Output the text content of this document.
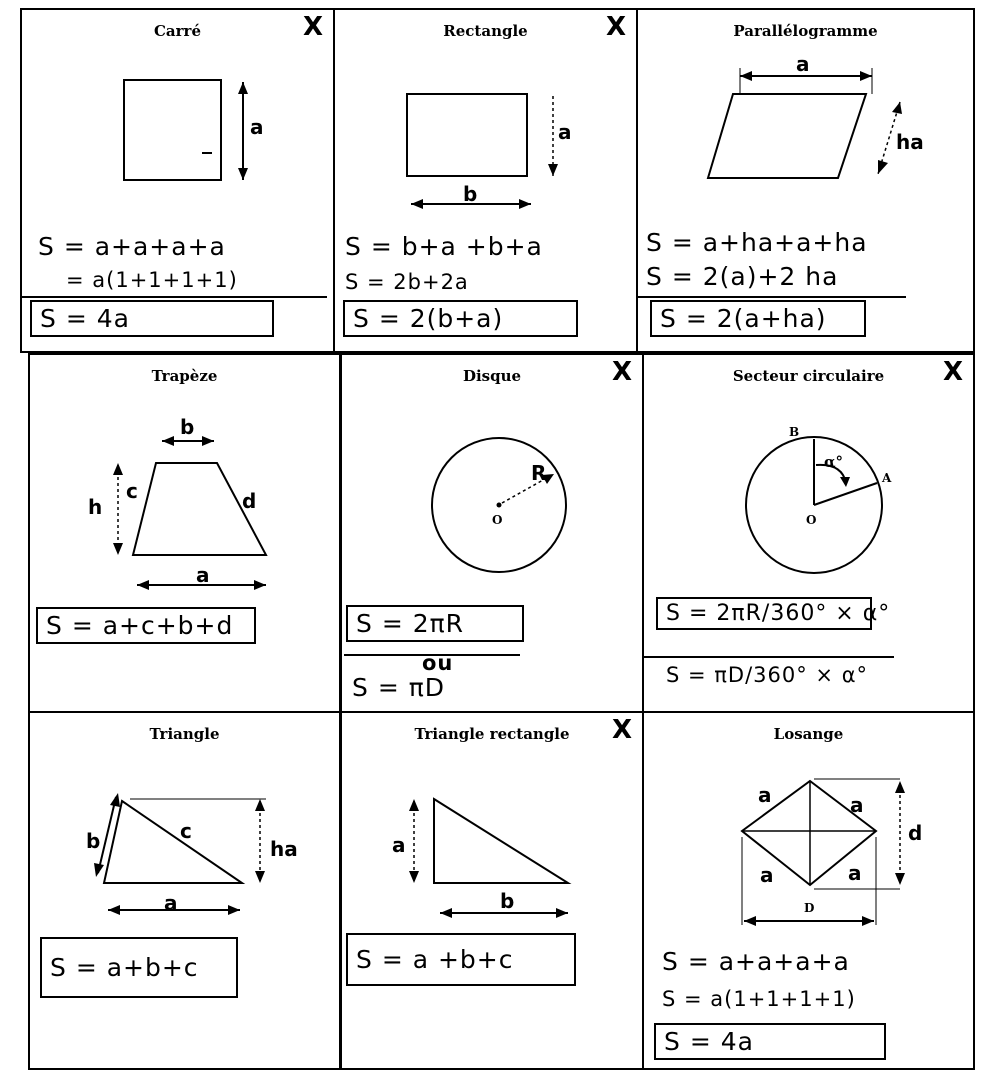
Carré	X
a
S = a+a+a+a
= a(1+1+1+1)
S = 4a
Rectangle	X
a
b
S = b+a +b+a
S = 2b+2a
S = 2(b+a)
Parallélogramme
a
ha
S = a+ha+a+ha
S = 2(a)+2 ha
S = 2(a+ha)
Trapèze
b
h
c	d
a
S = a+c+b+d
Disque	X
R
O
S = 2πR
ou
S = πD
Secteur circulaire	X
B
A
O
α°
S = 2πR/360° × α°
S = πD/360° × α°
Triangle
b	c
ha
a
S = a+b+c
Triangle rectangle	X
a
b
S = a +b+c
Losange
a	a
a	a
d
D
S = a+a+a+a
S = a(1+1+1+1)
S = 4a
